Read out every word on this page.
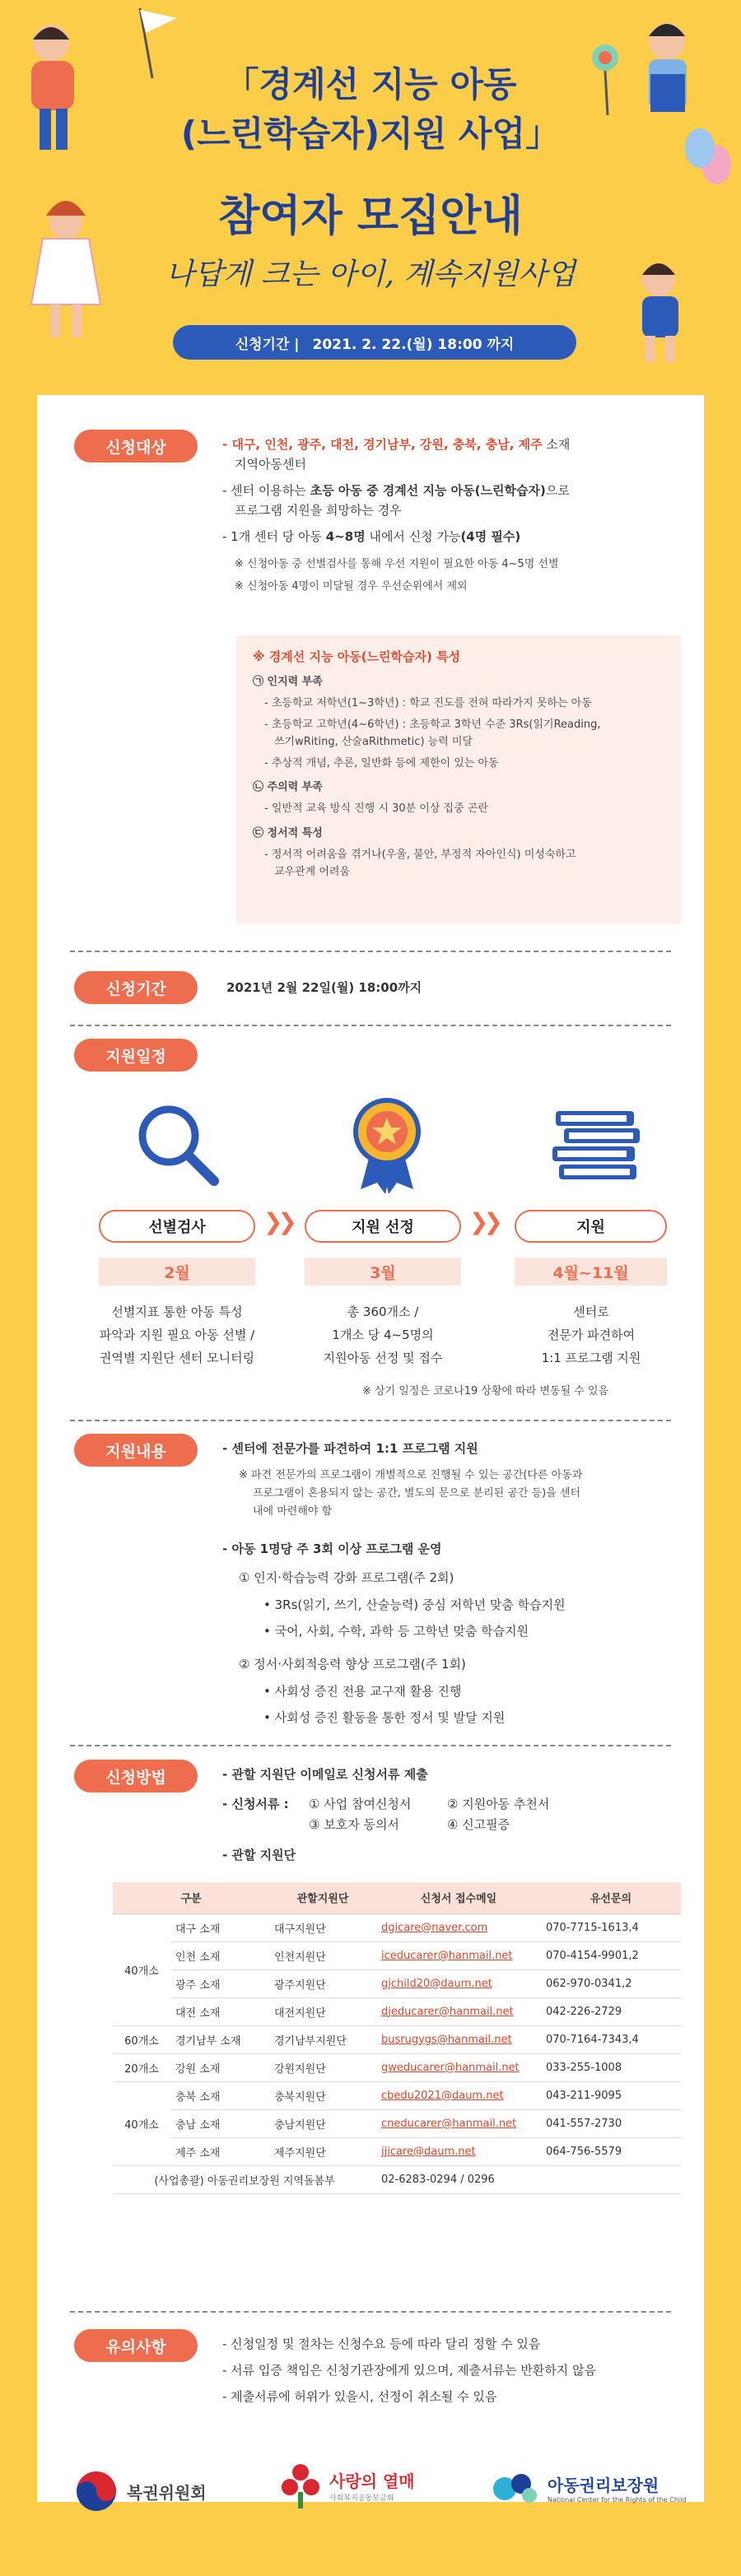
「경계선 지능 아동
(느린학습자)지원 사업」
참여자 모집안내
나답게 크는 아이, 계속지원사업
신청기간 | 2021. 2. 22.(월) 18:00 까지
신청대상	- 대구, 인천, 광주, 대전, 경기남부, 강원, 충북, 충남, 제주 소재
지역아동센터
- 센터 이용하는 초등 아동 중 경계선 지능 아동(느린학습자)으로
프로그램 지원을 희망하는 경우
- 1개 센터 당 아동 4~8명 내에서 신청 가능(4명 필수)
※ 신청아동 중 선별검사를 통해 우선 지원이 필요한 아동 4~5명 선별
※ 신청아동 4명이 미달될 경우 우선순위에서 제외
※ 경계선 지능 아동(느린학습자) 특성
㉠ 인지력 부족
- 초등학교 저학년(1~3학년) : 학교 진도를 전혀 따라가지 못하는 아동
- 초등학교 고학년(4~6학년) : 초등학교 3학년 수준 3Rs(읽기Reading,
쓰기wRiting, 산술aRithmetic) 능력 미달
- 추상적 개념, 추론, 일반화 등에 제한이 있는 아동
㉡ 주의력 부족
- 일반적 교육 방식 진행 시 30분 이상 집중 곤란
㉢ 정서적 특성
- 정서적 어려움을 겪거나(우울, 불안, 부정적 자아인식) 미성숙하고
교우관계 어려움
신청기간	2021년 2월 22일(월) 18:00까지
지원일정
선별검사	❯❯	지원 선정	❯❯	지원
2월	3월	4월~11월
선별지표 통한 아동 특성
파악과 지원 필요 아동 선별 /
권역별 지원단 센터 모니터링
총 360개소 /
1개소 당 4~5명의
지원아동 선정 및 접수
센터로
전문가 파견하여
1:1 프로그램 지원
※ 상기 일정은 코로나19 상황에 따라 변동될 수 있음
지원내용	- 센터에 전문가를 파견하여 1:1 프로그램 지원
※ 파견 전문가의 프로그램이 개별적으로 진행될 수 있는 공간(다른 아동과
프로그램이 혼용되지 않는 공간, 별도의 문으로 분리된 공간 등)을 센터
내에 마련해야 함
- 아동 1명당 주 3회 이상 프로그램 운영
① 인지·학습능력 강화 프로그램(주 2회)
• 3Rs(읽기, 쓰기, 산술능력) 중심 저학년 맞춤 학습지원
• 국어, 사회, 수학, 과학 등 고학년 맞춤 학습지원
② 정서·사회적응력 향상 프로그램(주 1회)
• 사회성 증진 전용 교구재 활용 진행
• 사회성 증진 활동을 통한 정서 및 발달 지원
신청방법	- 관할 지원단 이메일로 신청서류 제출
- 신청서류 : ① 사업 참여신청서	② 지원아동 추천서
③ 보호자 동의서	④ 신고필증
- 관할 지원단
구분		관할지원단	신청서 접수메일	유선문의
40개소	대구 소재	대구지원단	dgicare@naver.com	070-7715-1613,4
	인천 소재	인천지원단	iceducarer@hanmail.net	070-4154-9901,2
	광주 소재	광주지원단	gjchild20@daum.net	062-970-0341,2
	대전 소재	대전지원단	djeducarer@hanmail.net	042-226-2729
60개소	경기남부 소재	경기남부지원단	busrugygs@hanmail.net	070-7164-7343,4
20개소	강원 소재	강원지원단	gweducarer@hanmail.net	033-255-1008
40개소	충북 소재	충북지원단	cbedu2021@daum.net	043-211-9095
	충남 소재	충남지원단	cneducarer@hanmail.net	041-557-2730
	제주 소재	제주지원단	jjicare@daum.net	064-756-5579
(사업총괄) 아동권리보장원 지역돌봄부			02-6283-0294 / 0296	
유의사항	- 신청일정 및 절차는 신청수요 등에 따라 달리 정할 수 있음
- 서류 입증 책임은 신청기관장에게 있으며, 제출서류는 반환하지 않음
- 제출서류에 허위가 있을시, 선정이 취소될 수 있음
복권위원회
사랑의 열매
사회복지공동모금회
아동권리보장원
National Center for the Rights of the Child
